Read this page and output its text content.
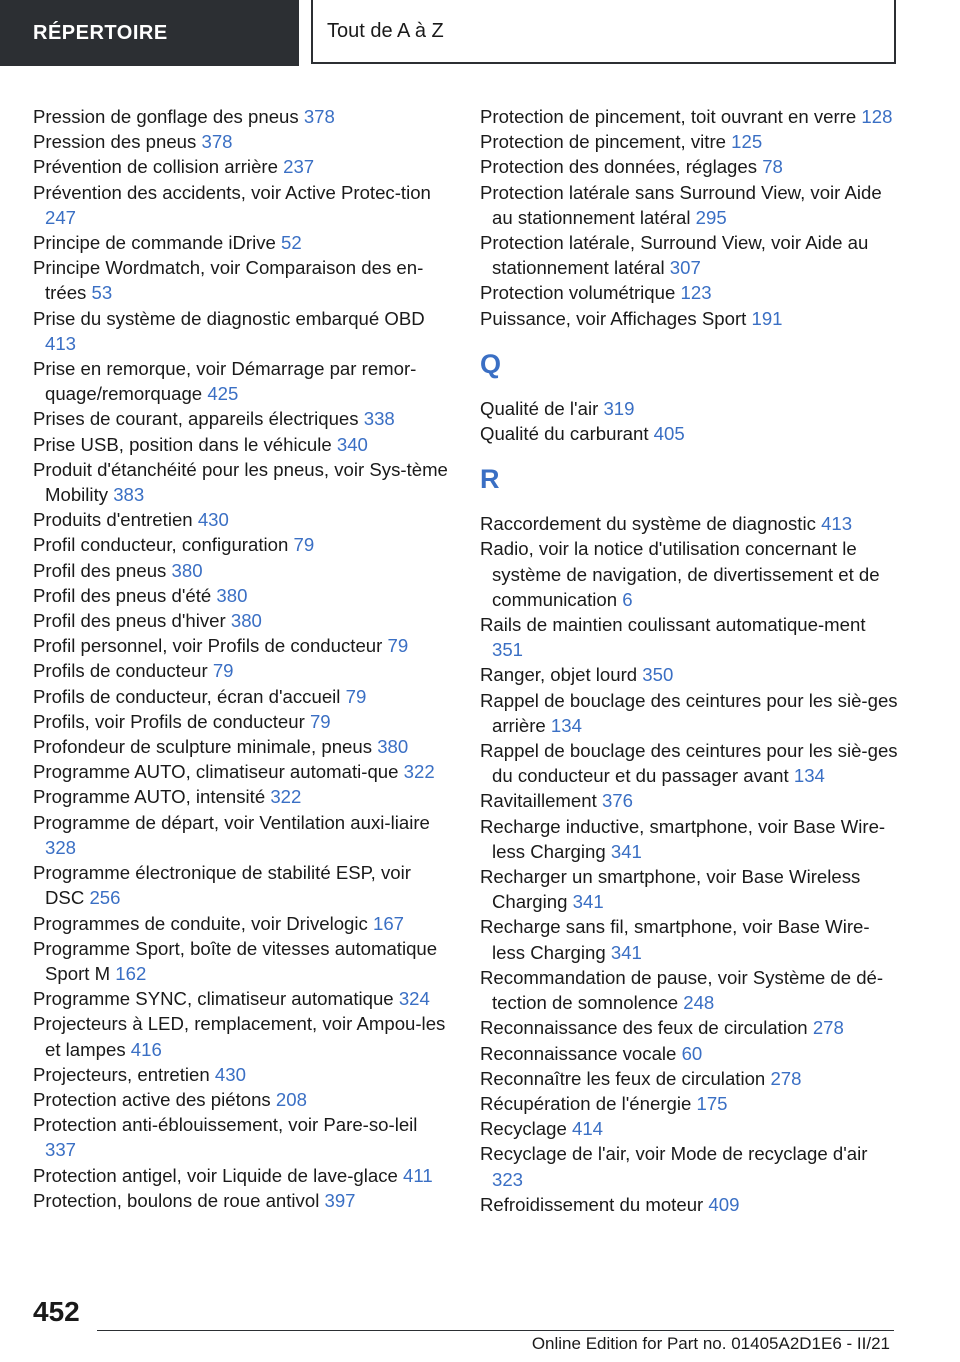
RÉPERTOIRE	Tout de A à Z

Pression de gonflage des pneus 378

Pression des pneus 378

Prévention de collision arrière 237

Prévention des accidents, voir Active Protec-tion 247

Principe de commande iDrive 52

Principe Wordmatch, voir Comparaison des en-trées 53

Prise du système de diagnostic embarqué OBD 413

Prise en remorque, voir Démarrage par remor-quage/remorquage 425

Prises de courant, appareils électriques 338

Prise USB, position dans le véhicule 340

Produit d'étanchéité pour les pneus, voir Sys-tème Mobility 383

Produits d'entretien 430

Profil conducteur, configuration 79

Profil des pneus 380

Profil des pneus d'été 380

Profil des pneus d'hiver 380

Profil personnel, voir Profils de conducteur 79

Profils de conducteur 79

Profils de conducteur, écran d'accueil 79

Profils, voir Profils de conducteur 79

Profondeur de sculpture minimale, pneus 380

Programme AUTO, climatiseur automati-que 322

Programme AUTO, intensité 322

Programme de départ, voir Ventilation auxi-liaire 328

Programme électronique de stabilité ESP, voir DSC 256

Programmes de conduite, voir Drivelogic 167

Programme Sport, boîte de vitesses automatique Sport M 162

Programme SYNC, climatiseur automatique 324

Projecteurs à LED, remplacement, voir Ampou-les et lampes 416

Projecteurs, entretien 430

Protection active des piétons 208

Protection anti-éblouissement, voir Pare-so-leil 337

Protection antigel, voir Liquide de lave-glace 411

Protection, boulons de roue antivol 397

Protection de pincement, toit ouvrant en verre 128

Protection de pincement, vitre 125

Protection des données, réglages 78

Protection latérale sans Surround View, voir Aide au stationnement latéral 295

Protection latérale, Surround View, voir Aide au stationnement latéral 307

Protection volumétrique 123

Puissance, voir Affichages Sport 191

Q

Qualité de l'air 319

Qualité du carburant 405

R

Raccordement du système de diagnostic 413

Radio, voir la notice d'utilisation concernant le système de navigation, de divertissement et de communication 6

Rails de maintien coulissant automatique-ment 351

Ranger, objet lourd 350

Rappel de bouclage des ceintures pour les siè-ges arrière 134

Rappel de bouclage des ceintures pour les siè-ges du conducteur et du passager avant 134

Ravitaillement 376

Recharge inductive, smartphone, voir Base Wire-less Charging 341

Recharger un smartphone, voir Base Wireless Charging 341

Recharge sans fil, smartphone, voir Base Wire-less Charging 341

Recommandation de pause, voir Système de dé-tection de somnolence 248

Reconnaissance des feux de circulation 278

Reconnaissance vocale 60

Reconnaître les feux de circulation 278

Récupération de l'énergie 175

Recyclage 414

Recyclage de l'air, voir Mode de recyclage d'air 323

Refroidissement du moteur 409

452
Online Edition for Part no. 01405A2D1E6 - II/21
